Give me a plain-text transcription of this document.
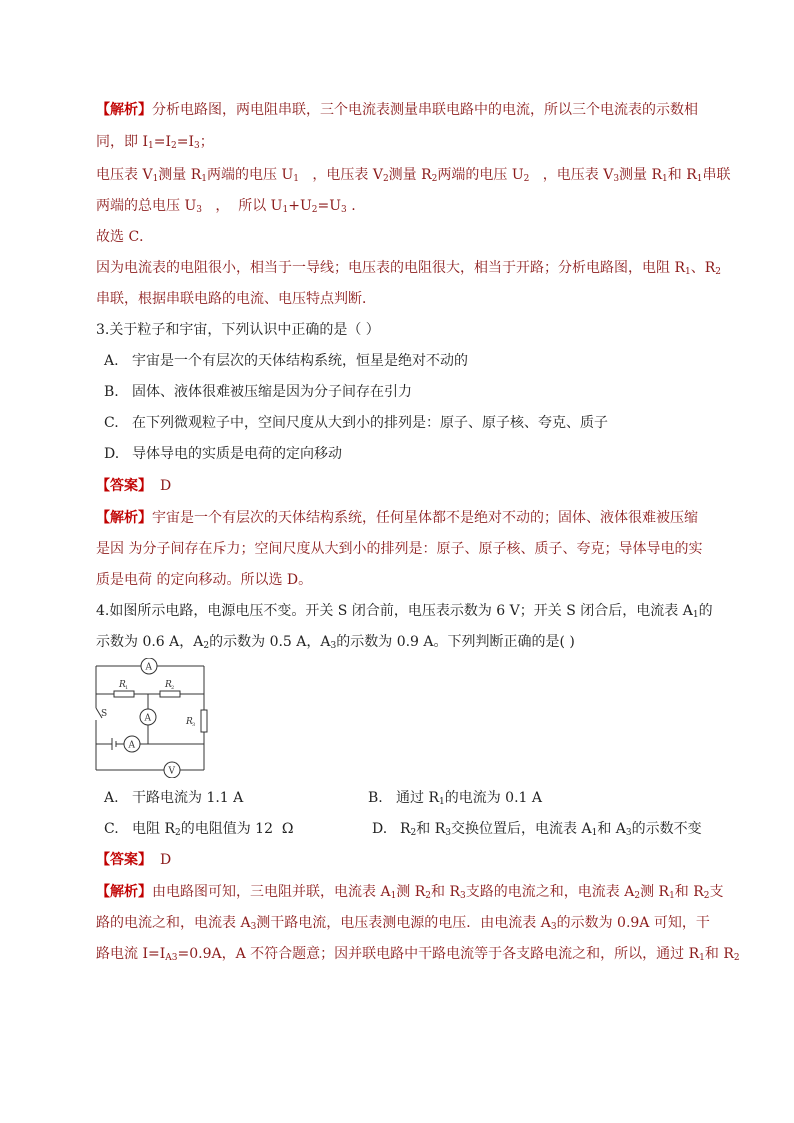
【解析】分析电路图，两电阻串联，三个电流表测量串联电路中的电流，所以三个电流表的示数相
同，即 $I_1=I_2=I_3$；
电压表 $V_1$测量 $R_1$两端的电压 $U_1$   ，电压表 $V_2$测量 $R_2$两端的电压 $U_2$   ，电压表 $V_3$测量 $R_1$和 $R_1$串联
两端的总电压 $U_3$   ，  所以 $U_1+U_2=U_3$ .
故选 C．
因为电流表的电阻很小，相当于一导线；电压表的电阻很大，相当于开路；分析电路图，电阻 $R_1$、$R_2$
串联，根据串联电路的电流、电压特点判断．
3.关于粒子和宇宙，下列认识中正确的是（ ）
A. 宇宙是一个有层次的天体结构系统，恒星是绝对不动的
B. 固体、液体很难被压缩是因为分子间存在引力
C. 在下列微观粒子中，空间尺度从大到小的排列是：原子、原子核、夸克、质子
D. 导体导电的实质是电荷的定向移动
【答案】 D
【解析】宇宙是一个有层次的天体结构系统，任何星体都不是绝对不动的；固体、液体很难被压缩
是因 为分子间存在斥力；空间尺度从大到小的排列是：原子、原子核、质子、夸克；导体导电的实
质是电荷 的定向移动。所以选 D。
4.如图所示电路，电源电压不变。开关 S 闭合前，电压表示数为 6 V；开关 S 闭合后，电流表 $A_1$的
示数为 0.6 A，$A_2$的示数为 0.5 A，$A_3$的示数为 0.9 A。下列判断正确的是( )
A
A
A
V
S
R 1	R 2
R 3
A. 干路电流为 1.1 A	B. 通过 $R_1$的电流为 0.1 A
C. 电阻 $R_2$的电阻值为 12  Ω	D. $R_2$和 $R_3$交换位置后，电流表 $A_1$和 $A_3$的示数不变
【答案】 D
【解析】由电路图可知，三电阻并联，电流表 $A_1$测 $R_2$和 $R_3$支路的电流之和，电流表 $A_2$测 $R_1$和 $R_2$支
路的电流之和，电流表 $A_3$测干路电流，电压表测电源的电压．由电流表 $A_3$的示数为 0.9A 可知，干
路电流 $I=I_{A3}=0.9A$，A 不符合题意；因并联电路中干路电流等于各支路电流之和，所以，通过 $R_1$和 $R_2$
